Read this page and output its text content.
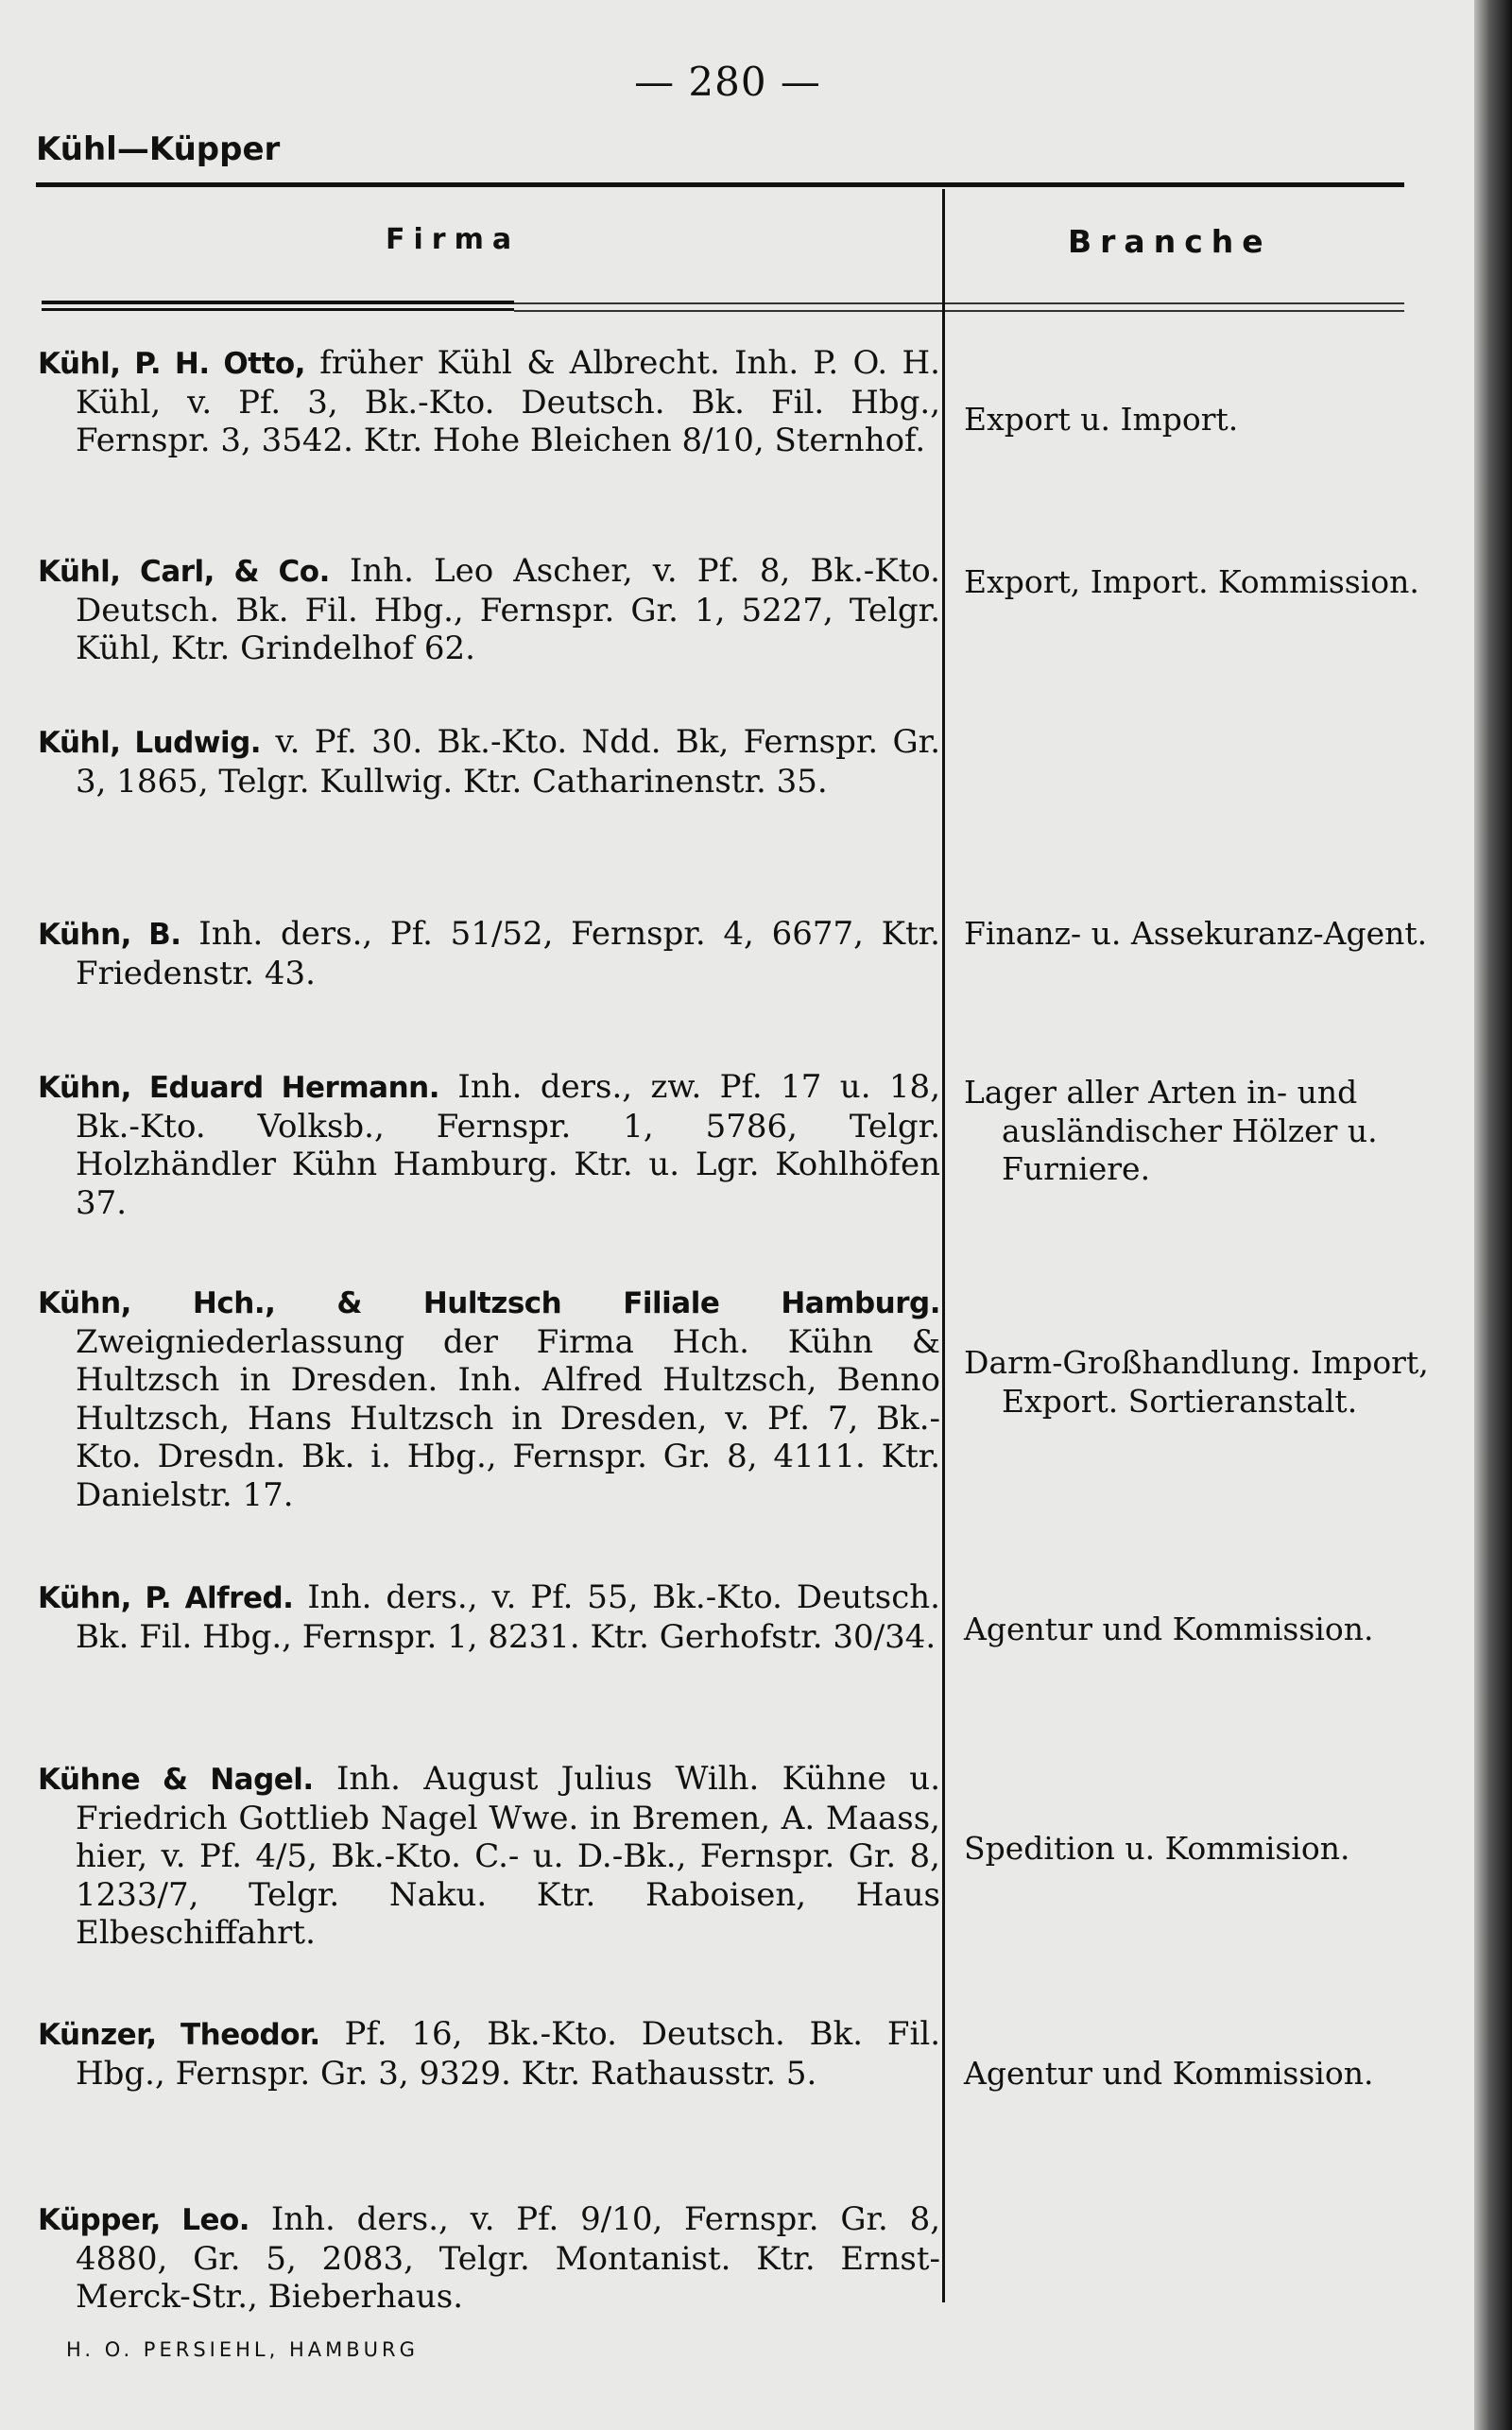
— 280 —
Kühl—Küpper
Firma	Branche
Kühl, P. H. Otto, früher Kühl & Albrecht. Inh. P. O. H. Kühl, v. Pf. 3, Bk.-Kto. Deutsch. Bk. Fil. Hbg., Fernspr. 3, 3542. Ktr. Hohe Bleichen 8/10, Sternhof.
Export u. Import.
Kühl, Carl, & Co. Inh. Leo Ascher, v. Pf. 8, Bk.-Kto. Deutsch. Bk. Fil. Hbg., Fernspr. Gr. 1, 5227, Telgr. Kühl, Ktr. Grindelhof 62.
Export, Import. Kommission.
Kühl, Ludwig. v. Pf. 30. Bk.-Kto. Ndd. Bk, Fernspr. Gr. 3, 1865, Telgr. Kullwig. Ktr. Catharinenstr. 35.
Kühn, B. Inh. ders., Pf. 51/52, Fernspr. 4, 6677, Ktr. Friedenstr. 43.
Finanz- u. Assekuranz-Agent.
Kühn, Eduard Hermann. Inh. ders., zw. Pf. 17 u. 18, Bk.-Kto. Volksb., Fernspr. 1, 5786, Telgr. Holzhändler Kühn Hamburg. Ktr. u. Lgr. Kohlhöfen 37.
Lager aller Arten in- und ausländischer Hölzer u. Furniere.
Kühn, Hch., & Hultzsch Filiale Hamburg. Zweigniederlassung der Firma Hch. Kühn & Hultzsch in Dresden. Inh. Alfred Hultzsch, Benno Hultzsch, Hans Hultzsch in Dresden, v. Pf. 7, Bk.-Kto. Dresdn. Bk. i. Hbg., Fernspr. Gr. 8, 4111. Ktr. Danielstr. 17.
Darm-Großhandlung. Import, Export. Sortieranstalt.
Kühn, P. Alfred. Inh. ders., v. Pf. 55, Bk.-Kto. Deutsch. Bk. Fil. Hbg., Fernspr. 1, 8231. Ktr. Gerhofstr. 30/34. Agentur und Kommission.
Kühne & Nagel. Inh. August Julius Wilh. Kühne u. Friedrich Gottlieb Nagel Wwe. in Bremen, A. Maass, hier, v. Pf. 4/5, Bk.-Kto. C.- u. D.-Bk., Fernspr. Gr. 8, 1233/7, Telgr. Naku. Ktr. Raboisen, Haus Elbeschiffahrt.
Spedition u. Kommision.
Künzer, Theodor. Pf. 16, Bk.-Kto. Deutsch. Bk. Fil. Hbg., Fernspr. Gr. 3, 9329. Ktr. Rathausstr. 5.	Agentur und Kommission.
Küpper, Leo. Inh. ders., v. Pf. 9/10, Fernspr. Gr. 8, 4880, Gr. 5, 2083, Telgr. Montanist. Ktr. Ernst-Merck-Str., Bieberhaus.
H. O. PERSIEHL, HAMBURG
